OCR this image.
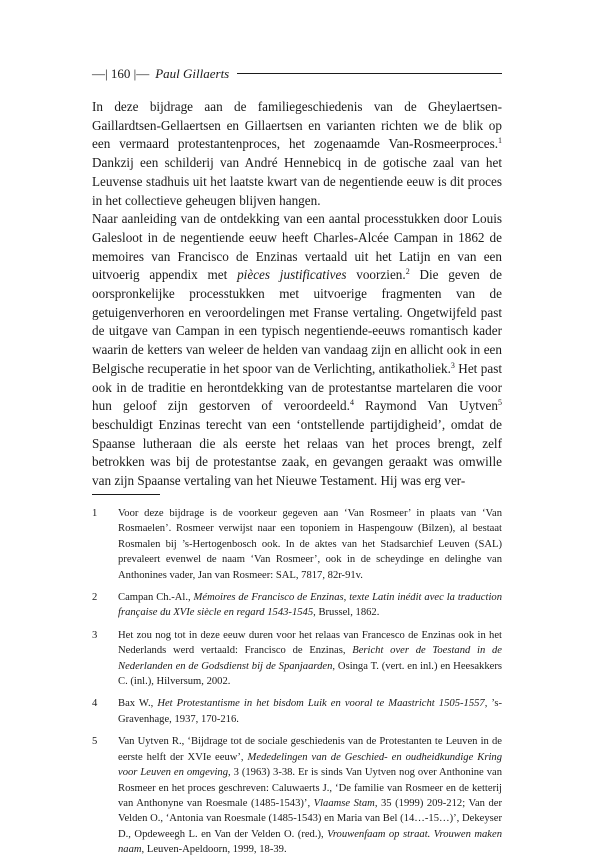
—| 160 |— Paul Gillaerts

In deze bijdrage aan de familiegeschiedenis van de Gheylaertsen-Gaillardtsen-Gellaertsen en Gillaertsen en varianten richten we de blik op een vermaard protestantenproces, het zogenaamde Van-Rosmeerproces.$^1$ Dankzij een schilderij van André Hennebicq in de gotische zaal van het Leuvense stadhuis uit het laatste kwart van de negentiende eeuw is dit proces in het collectieve geheugen blijven hangen.

Naar aanleiding van de ontdekking van een aantal processtukken door Louis Galesloot in de negentiende eeuw heeft Charles-Alcée Campan in 1862 de memoires van Francisco de Enzinas vertaald uit het Latijn en van een uitvoerig appendix met pièces justificatives voorzien.$^2$ Die geven de oorspronkelijke processtukken met uitvoerige fragmenten van de getuigenverhoren en veroordelingen met Franse vertaling. Ongetwijfeld past de uitgave van Campan in een typisch negentiende-eeuws romantisch kader waarin de ketters van weleer de helden van vandaag zijn en allicht ook in een Belgische recuperatie in het spoor van de Verlichting, antikatholiek.$^3$ Het past ook in de traditie en herontdekking van de protestantse martelaren die voor hun geloof zijn gestorven of veroordeeld.$^4$ Raymond Van Uytven$^5$ beschuldigt Enzinas terecht van een ‘ontstellende partijdigheid’, omdat de Spaanse lutheraan die als eerste het relaas van het proces brengt, zelf betrokken was bij de protestantse zaak, en gevangen geraakt was omwille van zijn Spaanse vertaling van het Nieuwe Testament. Hij was erg ver-

1	Voor deze bijdrage is de voorkeur gegeven aan ‘Van Rosmeer’ in plaats van ‘Van Rosmaelen’. Rosmeer verwijst naar een toponiem in Haspengouw (Bilzen), al bestaat Rosmalen bij ’s-Hertogenbosch ook. In de aktes van het Stadsarchief Leuven (SAL) prevaleert evenwel de naam ‘Van Rosmeer’, ook in de scheydinge en delinghe van Anthonines vader, Jan van Rosmeer: SAL, 7817, 82r-91v.
2	Campan Ch.-Al., Mémoires de Francisco de Enzinas, texte Latin inédit avec la traduction française du XVIe siècle en regard 1543-1545, Brussel, 1862.
3	Het zou nog tot in deze eeuw duren voor het relaas van Francesco de Enzinas ook in het Nederlands werd vertaald: Francisco de Enzinas, Bericht over de Toestand in de Nederlanden en de Godsdienst bij de Spanjaarden, Osinga T. (vert. en inl.) en Heesakkers C. (inl.), Hilversum, 2002.
4	Bax W., Het Protestantisme in het bisdom Luik en vooral te Maastricht 1505-1557, ’s-Gravenhage, 1937, 170-216.
5	Van Uytven R., ‘Bijdrage tot de sociale geschiedenis van de Protestanten te Leuven in de eerste helft der XVIe eeuw’, Mededelingen van de Geschied- en oudheidkundige Kring voor Leuven en omgeving, 3 (1963) 3-38. Er is sinds Van Uytven nog over Anthonine van Rosmeer en het proces geschreven: Caluwaerts J., ‘De familie van Rosmeer en de ketterij van Anthonyne van Roesmale (1485-1543)’, Vlaamse Stam, 35 (1999) 209-212; Van der Velden O., ‘Antonia van Roesmale (1485-1543) en Maria van Bel (14…-15…)’, Dekeyser D., Opdeweegh L. en Van der Velden O. (red.), Vrouwenfaam op straat. Vrouwen maken naam, Leuven-Apeldoorn, 1999, 18-39.
